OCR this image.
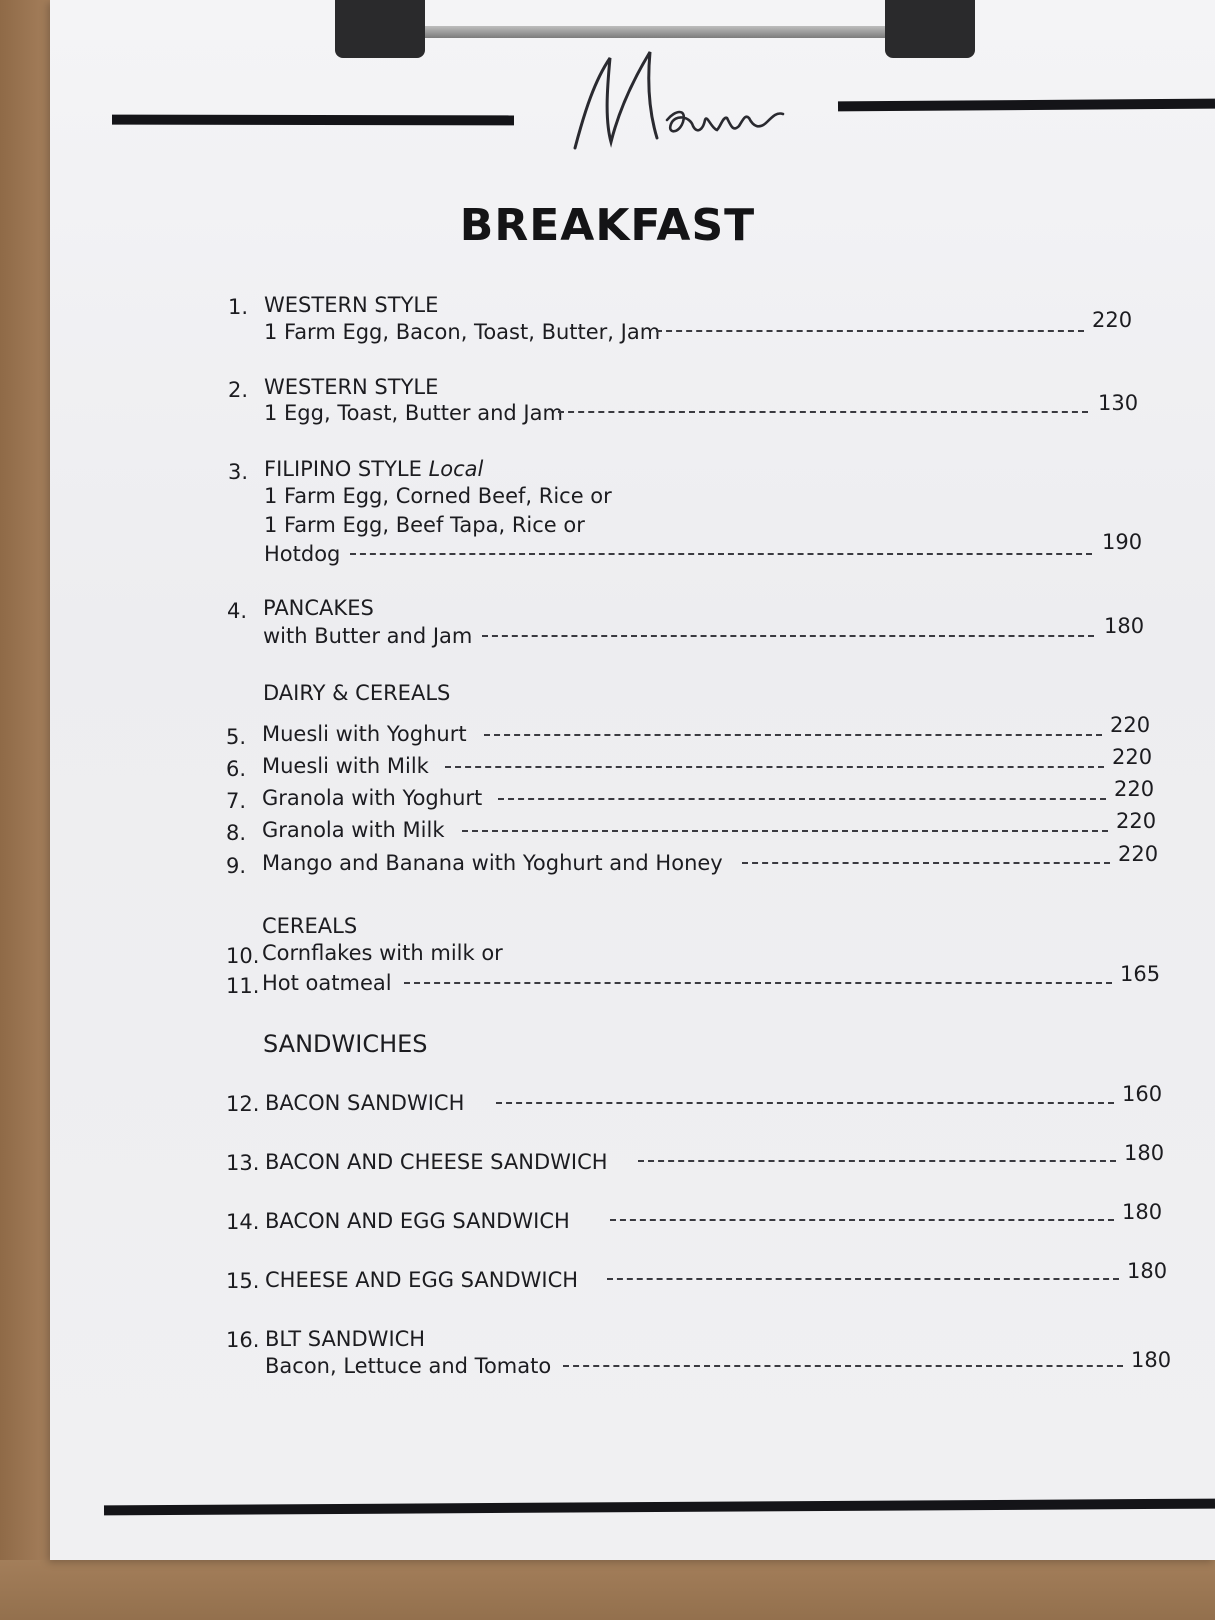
BREAKFAST
1. WESTERN STYLE
1 Farm Egg, Bacon, Toast, Butter, Jam	220
2. WESTERN STYLE
1 Egg, Toast, Butter and Jam	130
3. FILIPINO STYLE Local
1 Farm Egg, Corned Beef, Rice or
1 Farm Egg, Beef Tapa, Rice or
Hotdog	190
4. PANCAKES
with Butter and Jam	180
DAIRY & CEREALS
5. Muesli with Yoghurt	220
6. Muesli with Milk	220
7. Granola with Yoghurt	220
8. Granola with Milk	220
9. Mango and Banana with Yoghurt and Honey	220
CEREALS
10. Cornflakes with milk or
11. Hot oatmeal	165
SANDWICHES
12. BACON SANDWICH	160
13. BACON AND CHEESE SANDWICH	180
14. BACON AND EGG SANDWICH	180
15. CHEESE AND EGG SANDWICH	180
16. BLT SANDWICH
Bacon, Lettuce and Tomato	180
